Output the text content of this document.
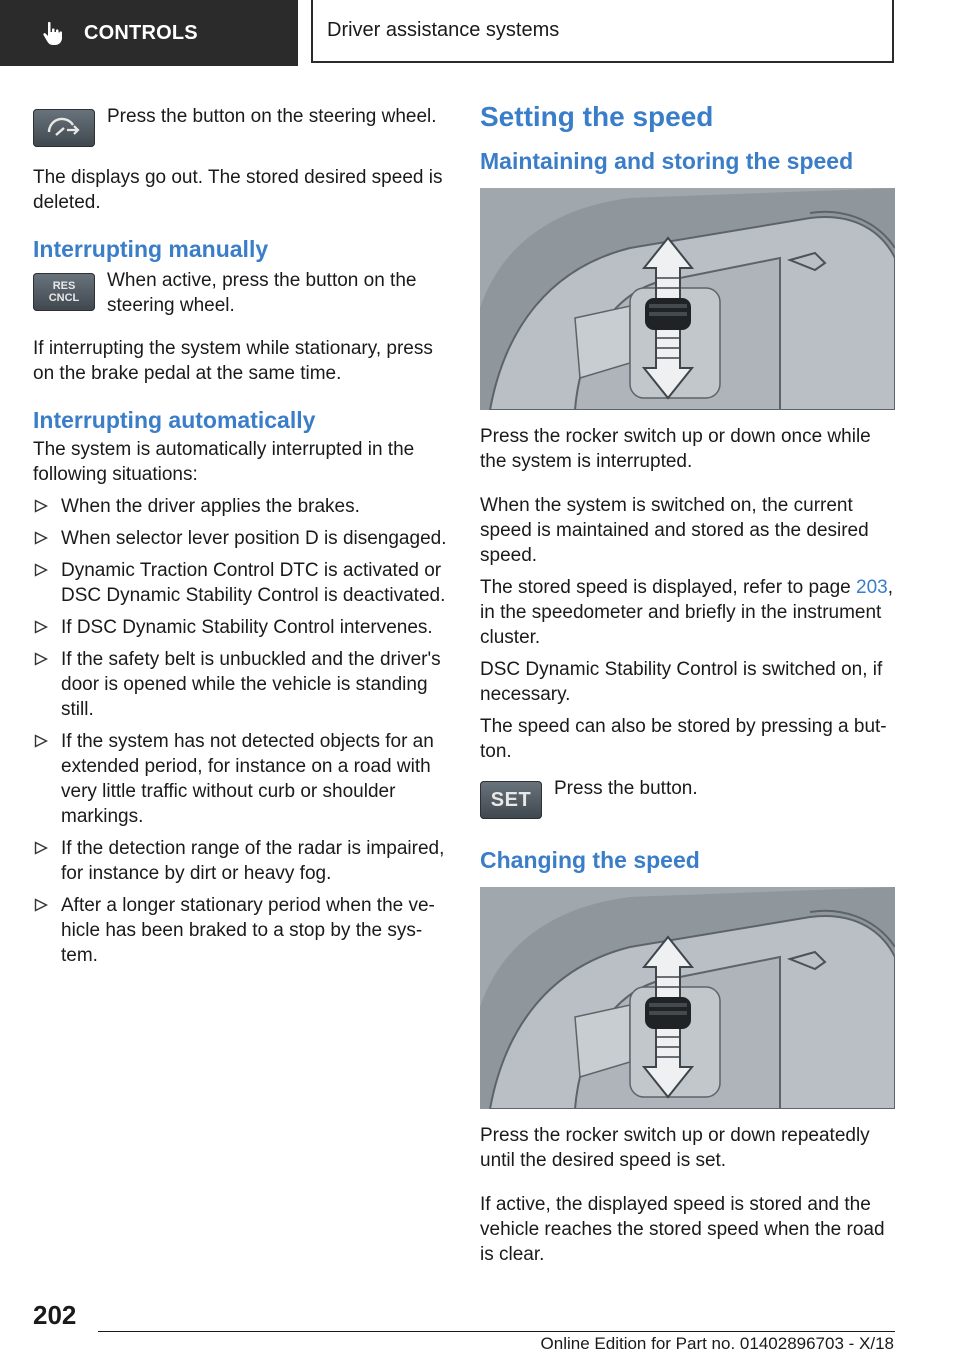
CONTROLS	Driver assistance systems

Press the button on the steering wheel.

The displays go out. The stored desired speed is deleted.

Interrupting manually
RES
CNCL

When active, press the button on the steering wheel.

If interrupting the system while stationary, press on the brake pedal at the same time.

Interrupting automatically

The system is automatically interrupted in the following situations:

When the driver applies the brakes.
When selector lever position D is disengaged.
Dynamic Traction Control DTC is activated or DSC Dynamic Stability Control is deactivated.
If DSC Dynamic Stability Control intervenes.
If the safety belt is unbuckled and the driver's door is opened while the vehicle is standing still.
If the system has not detected objects for an extended period, for instance on a road with very little traffic without curb or shoulder markings.
If the detection range of the radar is impaired, for instance by dirt or heavy fog.
After a longer stationary period when the ve‐hicle has been braked to a stop by the sys‐tem.
Setting the speed
Maintaining and storing the speed

Press the rocker switch up or down once while the system is interrupted.

When the system is switched on, the current speed is maintained and stored as the desired speed.

The stored speed is displayed, refer to page 203, in the speedometer and briefly in the instrument cluster.

DSC Dynamic Stability Control is switched on, if necessary.

The speed can also be stored by pressing a but‐ton.

SET	Press the button.

Changing the speed

Press the rocker switch up or down repeatedly until the desired speed is set.

If active, the displayed speed is stored and the vehicle reaches the stored speed when the road is clear.

202
Online Edition for Part no. 01402896703 - X/18
